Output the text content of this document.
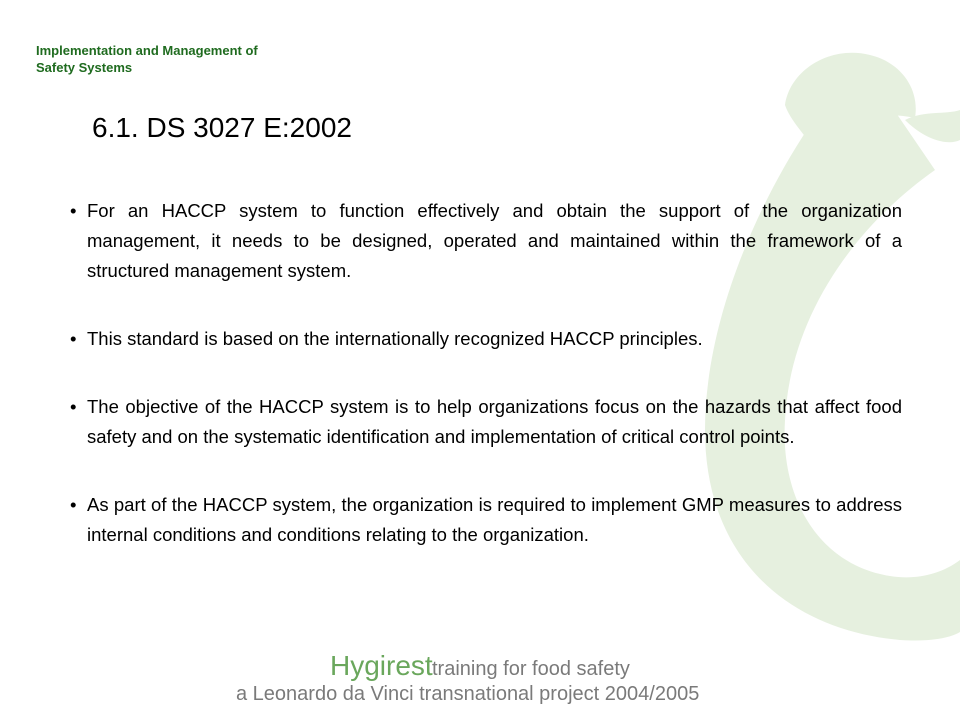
Implementation and Management of
Safety Systems
6.1. DS 3027 E:2002
• For an HACCP system to function effectively and obtain the support of the organization management, it needs to be designed, operated and maintained within the framework of a structured management system.
• This standard is based on the internationally recognized HACCP principles.
• The objective of the HACCP system is to help organizations focus on the hazards that affect food safety and on the systematic identification and implementation of critical control points.
• As part of the HACCP system, the organization is required to implement GMP measures to address internal conditions and conditions relating to the organization.
Hygirest training for food safety
a Leonardo da Vinci transnational project 2004/2005
